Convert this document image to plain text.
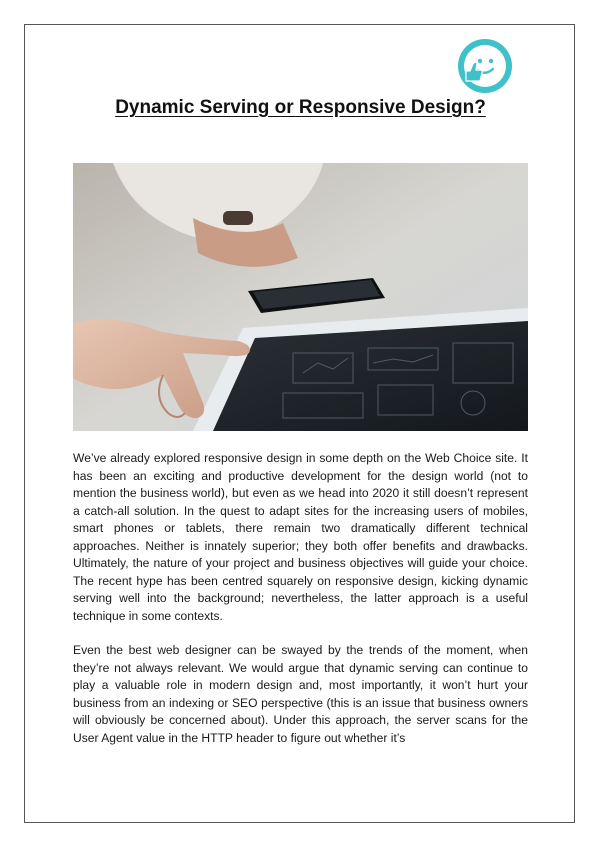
Dynamic Serving or Responsive Design?

We’ve already explored responsive design in some depth on the Web Choice site. It has been an exciting and productive development for the design world (not to mention the business world), but even as we head into 2020 it still doesn’t represent a catch-all solution. In the quest to adapt sites for the increasing users of mobiles, smart phones or tablets, there remain two dramatically different technical approaches. Neither is innately superior; they both offer benefits and drawbacks. Ultimately, the nature of your project and business objectives will guide your choice. The recent hype has been centred squarely on responsive design, kicking dynamic serving well into the background; nevertheless, the latter approach is a useful technique in some contexts.

Even the best web designer can be swayed by the trends of the moment, when they’re not always relevant. We would argue that dynamic serving can continue to play a valuable role in modern design and, most importantly, it won’t hurt your business from an indexing or SEO perspective (this is an issue that business owners will obviously be concerned about). Under this approach, the server scans for the User Agent value in the HTTP header to figure out whether it’s
